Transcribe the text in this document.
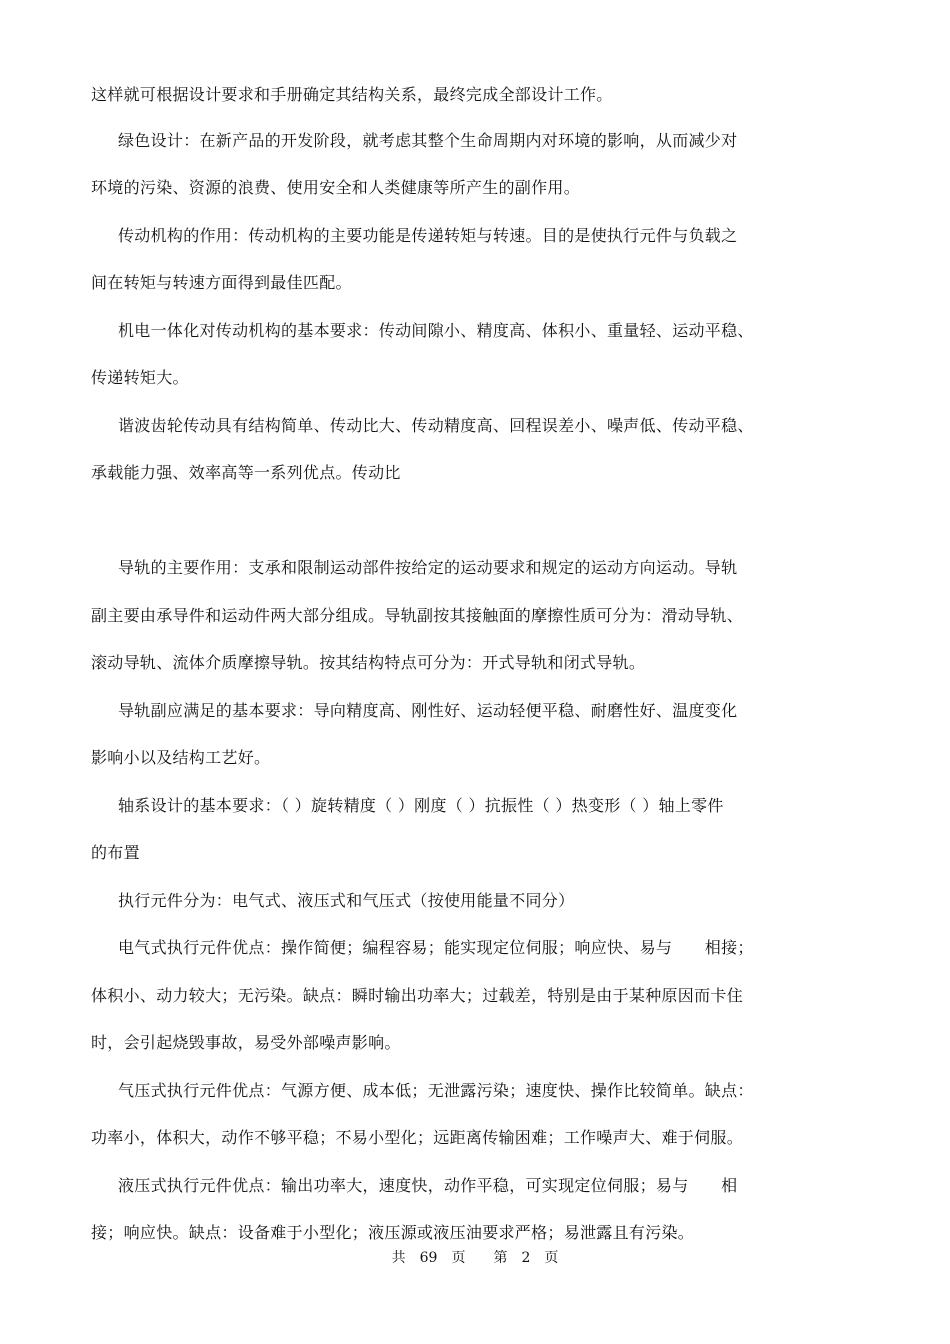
这样就可根据设计要求和手册确定其结构关系，最终完成全部设计工作。
绿色设计：在新产品的开发阶段，就考虑其整个生命周期内对环境的影响，从而减少对
环境的污染、资源的浪费、使用安全和人类健康等所产生的副作用。
传动机构的作用：传动机构的主要功能是传递转矩与转速。目的是使执行元件与负载之
间在转矩与转速方面得到最佳匹配。
机电一体化对传动机构的基本要求：传动间隙小、精度高、体积小、重量轻、运动平稳、
传递转矩大。
谐波齿轮传动具有结构简单、传动比大、传动精度高、回程误差小、噪声低、传动平稳、
承载能力强、效率高等一系列优点。传动比
导轨的主要作用：支承和限制运动部件按给定的运动要求和规定的运动方向运动。导轨
副主要由承导件和运动件两大部分组成。导轨副按其接触面的摩擦性质可分为：滑动导轨、
滚动导轨、流体介质摩擦导轨。按其结构特点可分为：开式导轨和闭式导轨。
导轨副应满足的基本要求：导向精度高、刚性好、运动轻便平稳、耐磨性好、温度变化
影响小以及结构工艺好。
轴系设计的基本要求：（ ）旋转精度（ ）刚度（ ）抗振性（ ）热变形（ ）轴上零件
的布置
执行元件分为：电气式、液压式和气压式（按使用能量不同分）
电气式执行元件优点：操作简便；编程容易；能实现定位伺服；响应快、易与　　相接；
体积小、动力较大；无污染。缺点：瞬时输出功率大；过载差，特别是由于某种原因而卡住
时，会引起烧毁事故，易受外部噪声影响。
气压式执行元件优点：气源方便、成本低；无泄露污染；速度快、操作比较简单。缺点：
功率小，体积大，动作不够平稳；不易小型化；远距离传输困难；工作噪声大、难于伺服。
液压式执行元件优点：输出功率大，速度快，动作平稳，可实现定位伺服；易与　　相
接；响应快。缺点：设备难于小型化；液压源或液压油要求严格；易泄露且有污染。
共　69　页　　第　2　页
